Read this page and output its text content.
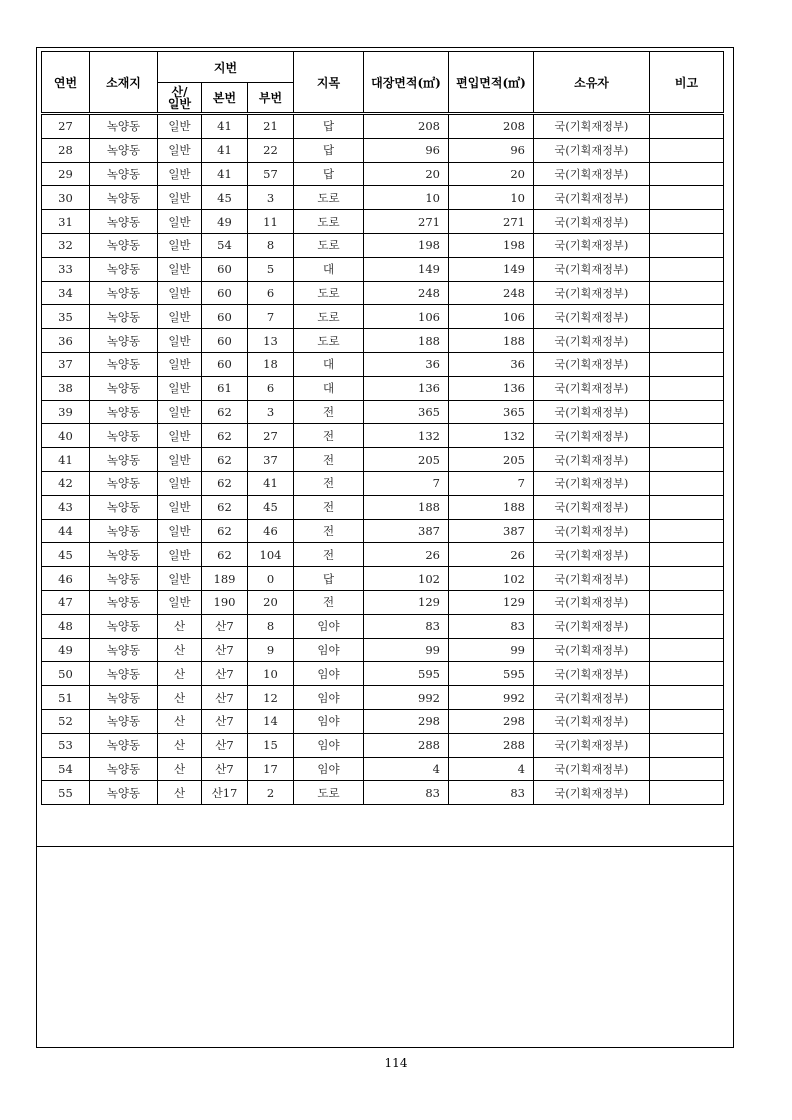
연번	소재지	지번			지목	대장면적(㎡)	편입면적(㎡)	소유자	비고
		산/
일반	본번	부번					
27	녹양동	일반	41	21	답	208	208	국(기획재정부)	
28	녹양동	일반	41	22	답	96	96	국(기획재정부)	
29	녹양동	일반	41	57	답	20	20	국(기획재정부)	
30	녹양동	일반	45	3	도로	10	10	국(기획재정부)	
31	녹양동	일반	49	11	도로	271	271	국(기획재정부)	
32	녹양동	일반	54	8	도로	198	198	국(기획재정부)	
33	녹양동	일반	60	5	대	149	149	국(기획재정부)	
34	녹양동	일반	60	6	도로	248	248	국(기획재정부)	
35	녹양동	일반	60	7	도로	106	106	국(기획재정부)	
36	녹양동	일반	60	13	도로	188	188	국(기획재정부)	
37	녹양동	일반	60	18	대	36	36	국(기획재정부)	
38	녹양동	일반	61	6	대	136	136	국(기획재정부)	
39	녹양동	일반	62	3	전	365	365	국(기획재정부)	
40	녹양동	일반	62	27	전	132	132	국(기획재정부)	
41	녹양동	일반	62	37	전	205	205	국(기획재정부)	
42	녹양동	일반	62	41	전	7	7	국(기획재정부)	
43	녹양동	일반	62	45	전	188	188	국(기획재정부)	
44	녹양동	일반	62	46	전	387	387	국(기획재정부)	
45	녹양동	일반	62	104	전	26	26	국(기획재정부)	
46	녹양동	일반	189	0	답	102	102	국(기획재정부)	
47	녹양동	일반	190	20	전	129	129	국(기획재정부)	
48	녹양동	산	산7	8	임야	83	83	국(기획재정부)	
49	녹양동	산	산7	9	임야	99	99	국(기획재정부)	
50	녹양동	산	산7	10	임야	595	595	국(기획재정부)	
51	녹양동	산	산7	12	임야	992	992	국(기획재정부)	
52	녹양동	산	산7	14	임야	298	298	국(기획재정부)	
53	녹양동	산	산7	15	임야	288	288	국(기획재정부)	
54	녹양동	산	산7	17	임야	4	4	국(기획재정부)	
55	녹양동	산	산17	2	도로	83	83	국(기획재정부)	
114
